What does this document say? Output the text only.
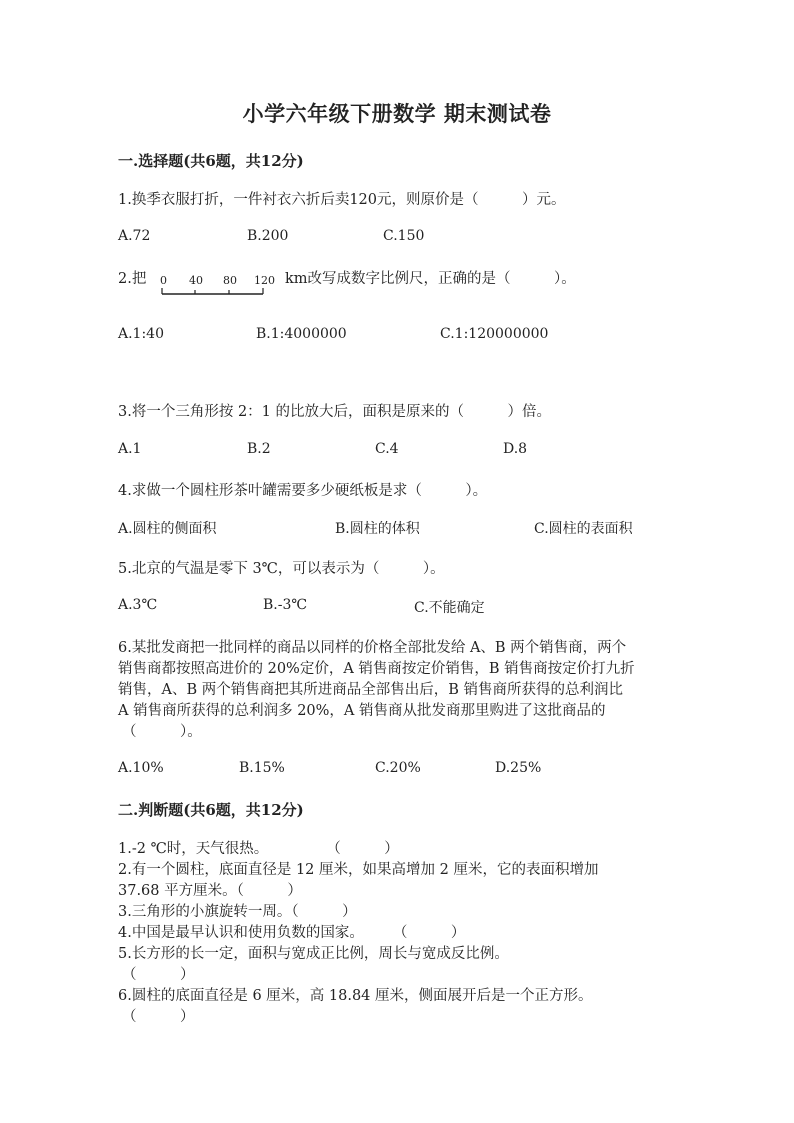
小学六年级下册数学 期末测试卷
一.选择题(共6题，共12分)
1.换季衣服打折，一件衬衣六折后卖120元，则原价是（　　　）元。
A.72	B.200	C.150
2.把 0 40 80 120 km改写成数字比例尺，正确的是（　　　）。
A.1:40	B.1:4000000	C.1:120000000
3.将一个三角形按 2：1 的比放大后，面积是原来的（　　　）倍。
A.1	B.2	C.4	D.8
4.求做一个圆柱形茶叶罐需要多少硬纸板是求（　　　）。
A.圆柱的侧面积	B.圆柱的体积	C.圆柱的表面积
5.北京的气温是零下 3℃，可以表示为（　　　）。
A.3℃	B.-3℃	C.不能确定
6.某批发商把一批同样的商品以同样的价格全部批发给 A、B 两个销售商，两个
销售商都按照高进价的 20%定价，A 销售商按定价销售，B 销售商按定价打九折
销售，A、B 两个销售商把其所进商品全部售出后，B 销售商所获得的总利润比
A 销售商所获得的总利润多 20%，A 销售商从批发商那里购进了这批商品的
（　　　）。
A.10%	B.15%	C.20%	D.25%
二.判断题(共6题，共12分)
1.-2 ℃时，天气很热。　　　　　（　　　）
2.有一个圆柱，底面直径是 12 厘米，如果高增加 2 厘米，它的表面积增加
37.68 平方厘米。（　　　）
3.三角形的小旗旋转一周。（　　　）
4.中国是最早认识和使用负数的国家。　　　（　　　）
5.长方形的长一定，面积与宽成正比例，周长与宽成反比例。
（　　　）
6.圆柱的底面直径是 6 厘米，高 18.84 厘米，侧面展开后是一个正方形。
（　　　）
